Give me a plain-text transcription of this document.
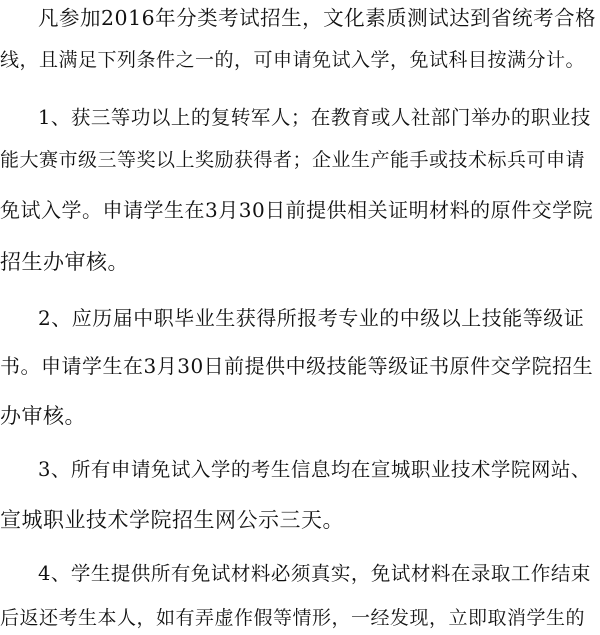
凡参加2016年分类考试招生，文化素质测试达到省统考合格
线，且满足下列条件之一的，可申请免试入学，免试科目按满分计。
1、获三等功以上的复转军人；在教育或人社部门举办的职业技
能大赛市级三等奖以上奖励获得者；企业生产能手或技术标兵可申请
免试入学。申请学生在3月30日前提供相关证明材料的原件交学院
招生办审核。
2、应历届中职毕业生获得所报考专业的中级以上技能等级证
书。申请学生在3月30日前提供中级技能等级证书原件交学院招生
办审核。
3、所有申请免试入学的考生信息均在宣城职业技术学院网站、
宣城职业技术学院招生网公示三天。
4、学生提供所有免试材料必须真实，免试材料在录取工作结束
后返还考生本人，如有弄虚作假等情形，一经发现，立即取消学生的
